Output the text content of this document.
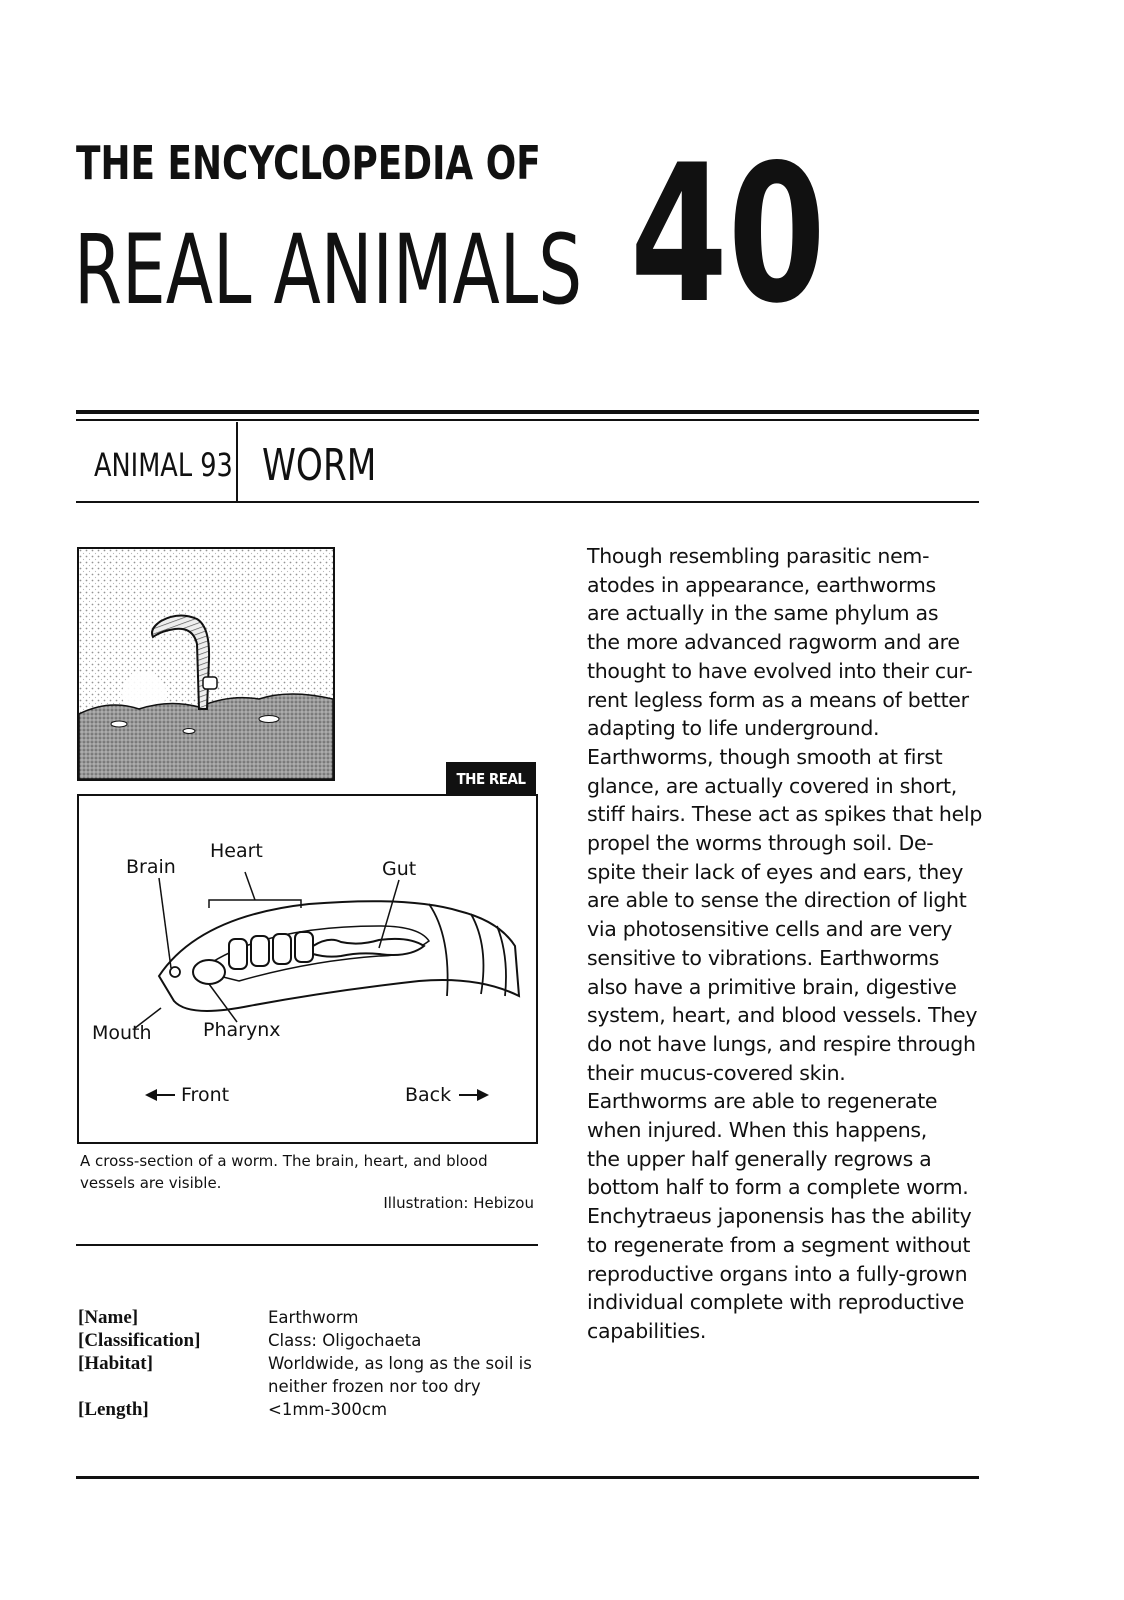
THE ENCYCLOPEDIA OF
REAL ANIMALS 40
ANIMAL 93 WORM
THE REAL
Brain
Heart
Gut
Mouth	Pharynx
Front	Back
A cross-section of a worm. The brain, heart, and blood vessels are visible.
Illustration: Hebizou
[Name]	Earthworm
[Classification]	Class: Oligochaeta
[Habitat]	Worldwide, as long as the soil is neither frozen nor too dry
[Length]	<1mm-300cm
Though resembling parasitic nem-
atodes in appearance, earthworms
are actually in the same phylum as
the more advanced ragworm and are
thought to have evolved into their cur-
rent legless form as a means of better
adapting to life underground.
Earthworms, though smooth at first
glance, are actually covered in short,
stiff hairs. These act as spikes that help
propel the worms through soil. De-
spite their lack of eyes and ears, they
are able to sense the direction of light
via photosensitive cells and are very
sensitive to vibrations. Earthworms
also have a primitive brain, digestive
system, heart, and blood vessels. They
do not have lungs, and respire through
their mucus-covered skin.
Earthworms are able to regenerate
when injured. When this happens,
the upper half generally regrows a
bottom half to form a complete worm.
Enchytraeus japonensis has the ability
to regenerate from a segment without
reproductive organs into a fully-grown
individual complete with reproductive
capabilities.
